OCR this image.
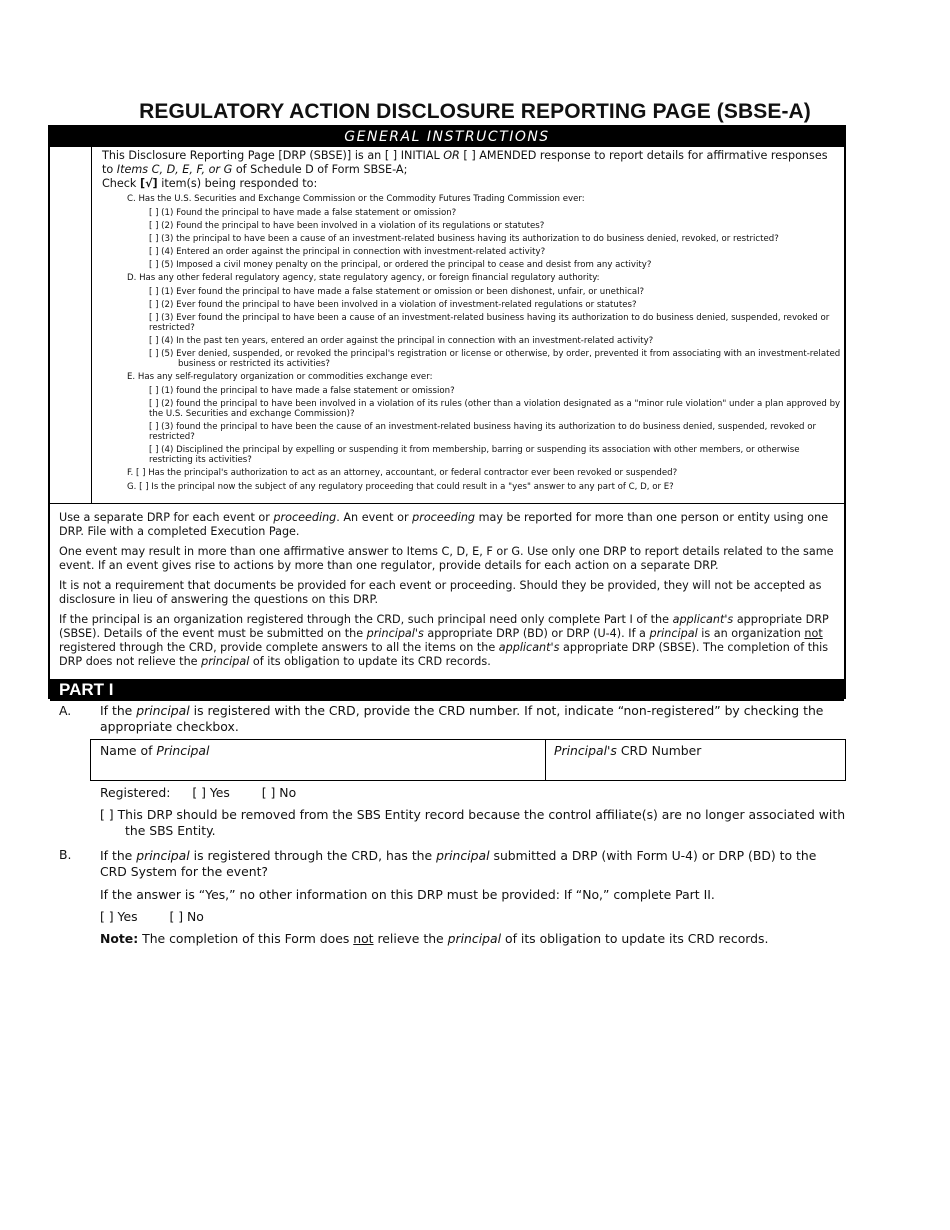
REGULATORY ACTION DISCLOSURE REPORTING PAGE (SBSE-A)
GENERAL INSTRUCTIONS

This Disclosure Reporting Page [DRP (SBSE)] is an [ ] INITIAL OR [ ] AMENDED response to report details for affirmative responses to Items C, D, E, F, or G of Schedule D of Form SBSE-A;

Check [√] item(s) being responded to:

C. Has the U.S. Securities and Exchange Commission or the Commodity Futures Trading Commission ever:
[ ] (1) Found the principal to have made a false statement or omission?
[ ] (2) Found the principal to have been involved in a violation of its regulations or statutes?
[ ] (3) the principal to have been a cause of an investment-related business having its authorization to do business denied, revoked, or restricted?
[ ] (4) Entered an order against the principal in connection with investment-related activity?
[ ] (5) Imposed a civil money penalty on the principal, or ordered the principal to cease and desist from any activity?
D. Has any other federal regulatory agency, state regulatory agency, or foreign financial regulatory authority:
[ ] (1) Ever found the principal to have made a false statement or omission or been dishonest, unfair, or unethical?
[ ] (2) Ever found the principal to have been involved in a violation of investment-related regulations or statutes?
[ ] (3) Ever found the principal to have been a cause of an investment-related business having its authorization to do business denied, suspended, revoked or restricted?
[ ] (4) In the past ten years, entered an order against the principal in connection with an investment-related activity?
[ ] (5) Ever denied, suspended, or revoked the principal's registration or license or otherwise, by order, prevented it from associating with an investment-related business or restricted its activities?
E. Has any self-regulatory organization or commodities exchange ever:
[ ] (1) found the principal to have made a false statement or omission?
[ ] (2) found the principal to have been involved in a violation of its rules (other than a violation designated as a "minor rule violation" under a plan approved by the U.S. Securities and exchange Commission)?
[ ] (3) found the principal to have been the cause of an investment-related business having its authorization to do business denied, suspended, revoked or restricted?
[ ] (4) Disciplined the principal by expelling or suspending it from membership, barring or suspending its association with other members, or otherwise restricting its activities?
F. [ ] Has the principal's authorization to act as an attorney, accountant, or federal contractor ever been revoked or suspended?
G. [ ] Is the principal now the subject of any regulatory proceeding that could result in a "yes" answer to any part of C, D, or E?

Use a separate DRP for each event or proceeding. An event or proceeding may be reported for more than one person or entity using one DRP. File with a completed Execution Page.

One event may result in more than one affirmative answer to Items C, D, E, F or G. Use only one DRP to report details related to the same event. If an event gives rise to actions by more than one regulator, provide details for each action on a separate DRP.

It is not a requirement that documents be provided for each event or proceeding. Should they be provided, they will not be accepted as disclosure in lieu of answering the questions on this DRP.

If the principal is an organization registered through the CRD, such principal need only complete Part I of the applicant's appropriate DRP (SBSE). Details of the event must be submitted on the principal's appropriate DRP (BD) or DRP (U-4). If a principal is an organization not registered through the CRD, provide complete answers to all the items on the applicant's appropriate DRP (SBSE). The completion of this DRP does not relieve the principal of its obligation to update its CRD records.

PART I
A. If the principal is registered with the CRD, provide the CRD number. If not, indicate “non-registered” by checking the appropriate checkbox.
Name of Principal	Principal's CRD Number
Registered: [ ] Yes	[ ] No
[ ] This DRP should be removed from the SBS Entity record because the control affiliate(s) are no longer associated with the SBS Entity.
B. If the principal is registered through the CRD, has the principal submitted a DRP (with Form U-4) or DRP (BD) to the CRD System for the event?
If the answer is “Yes,” no other information on this DRP must be provided: If “No,” complete Part II.
[ ] Yes	[ ] No
Note: The completion of this Form does not relieve the principal of its obligation to update its CRD records.
